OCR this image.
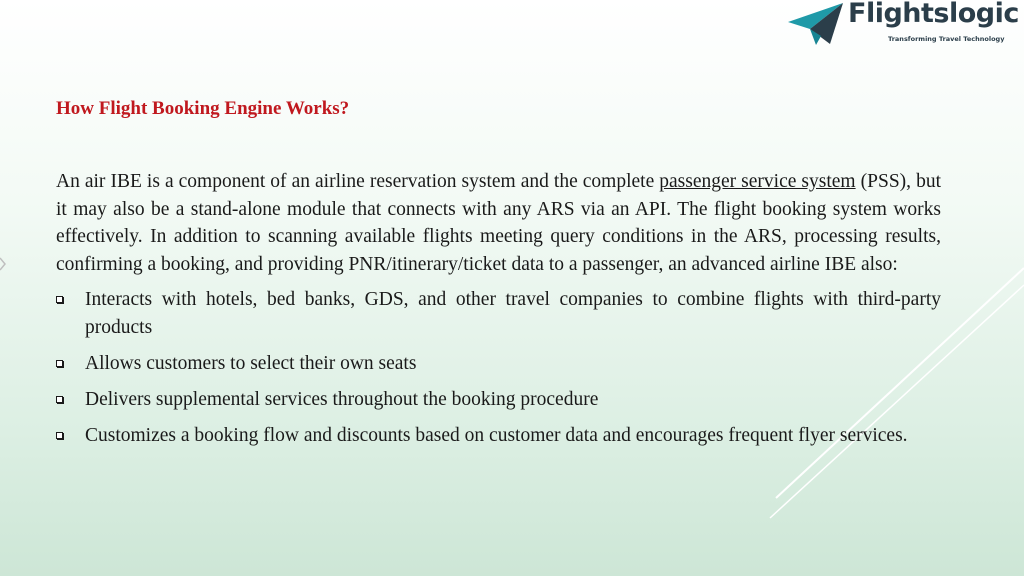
Flightslogic
Transforming Travel Technology
How Flight Booking Engine Works?

An air IBE is a component of an airline reservation system and the complete passenger service system (PSS), but it may also be a stand-alone module that connects with any ARS via an API. The flight booking system works effectively. In addition to scanning available flights meeting query conditions in the ARS, processing results, confirming a booking, and providing PNR/itinerary/ticket data to a passenger, an advanced airline IBE also:

Interacts with hotels, bed banks, GDS, and other travel companies to combine flights with third-party products
Allows customers to select their own seats
Delivers supplemental services throughout the booking procedure
Customizes a booking flow and discounts based on customer data and encourages frequent flyer services.
